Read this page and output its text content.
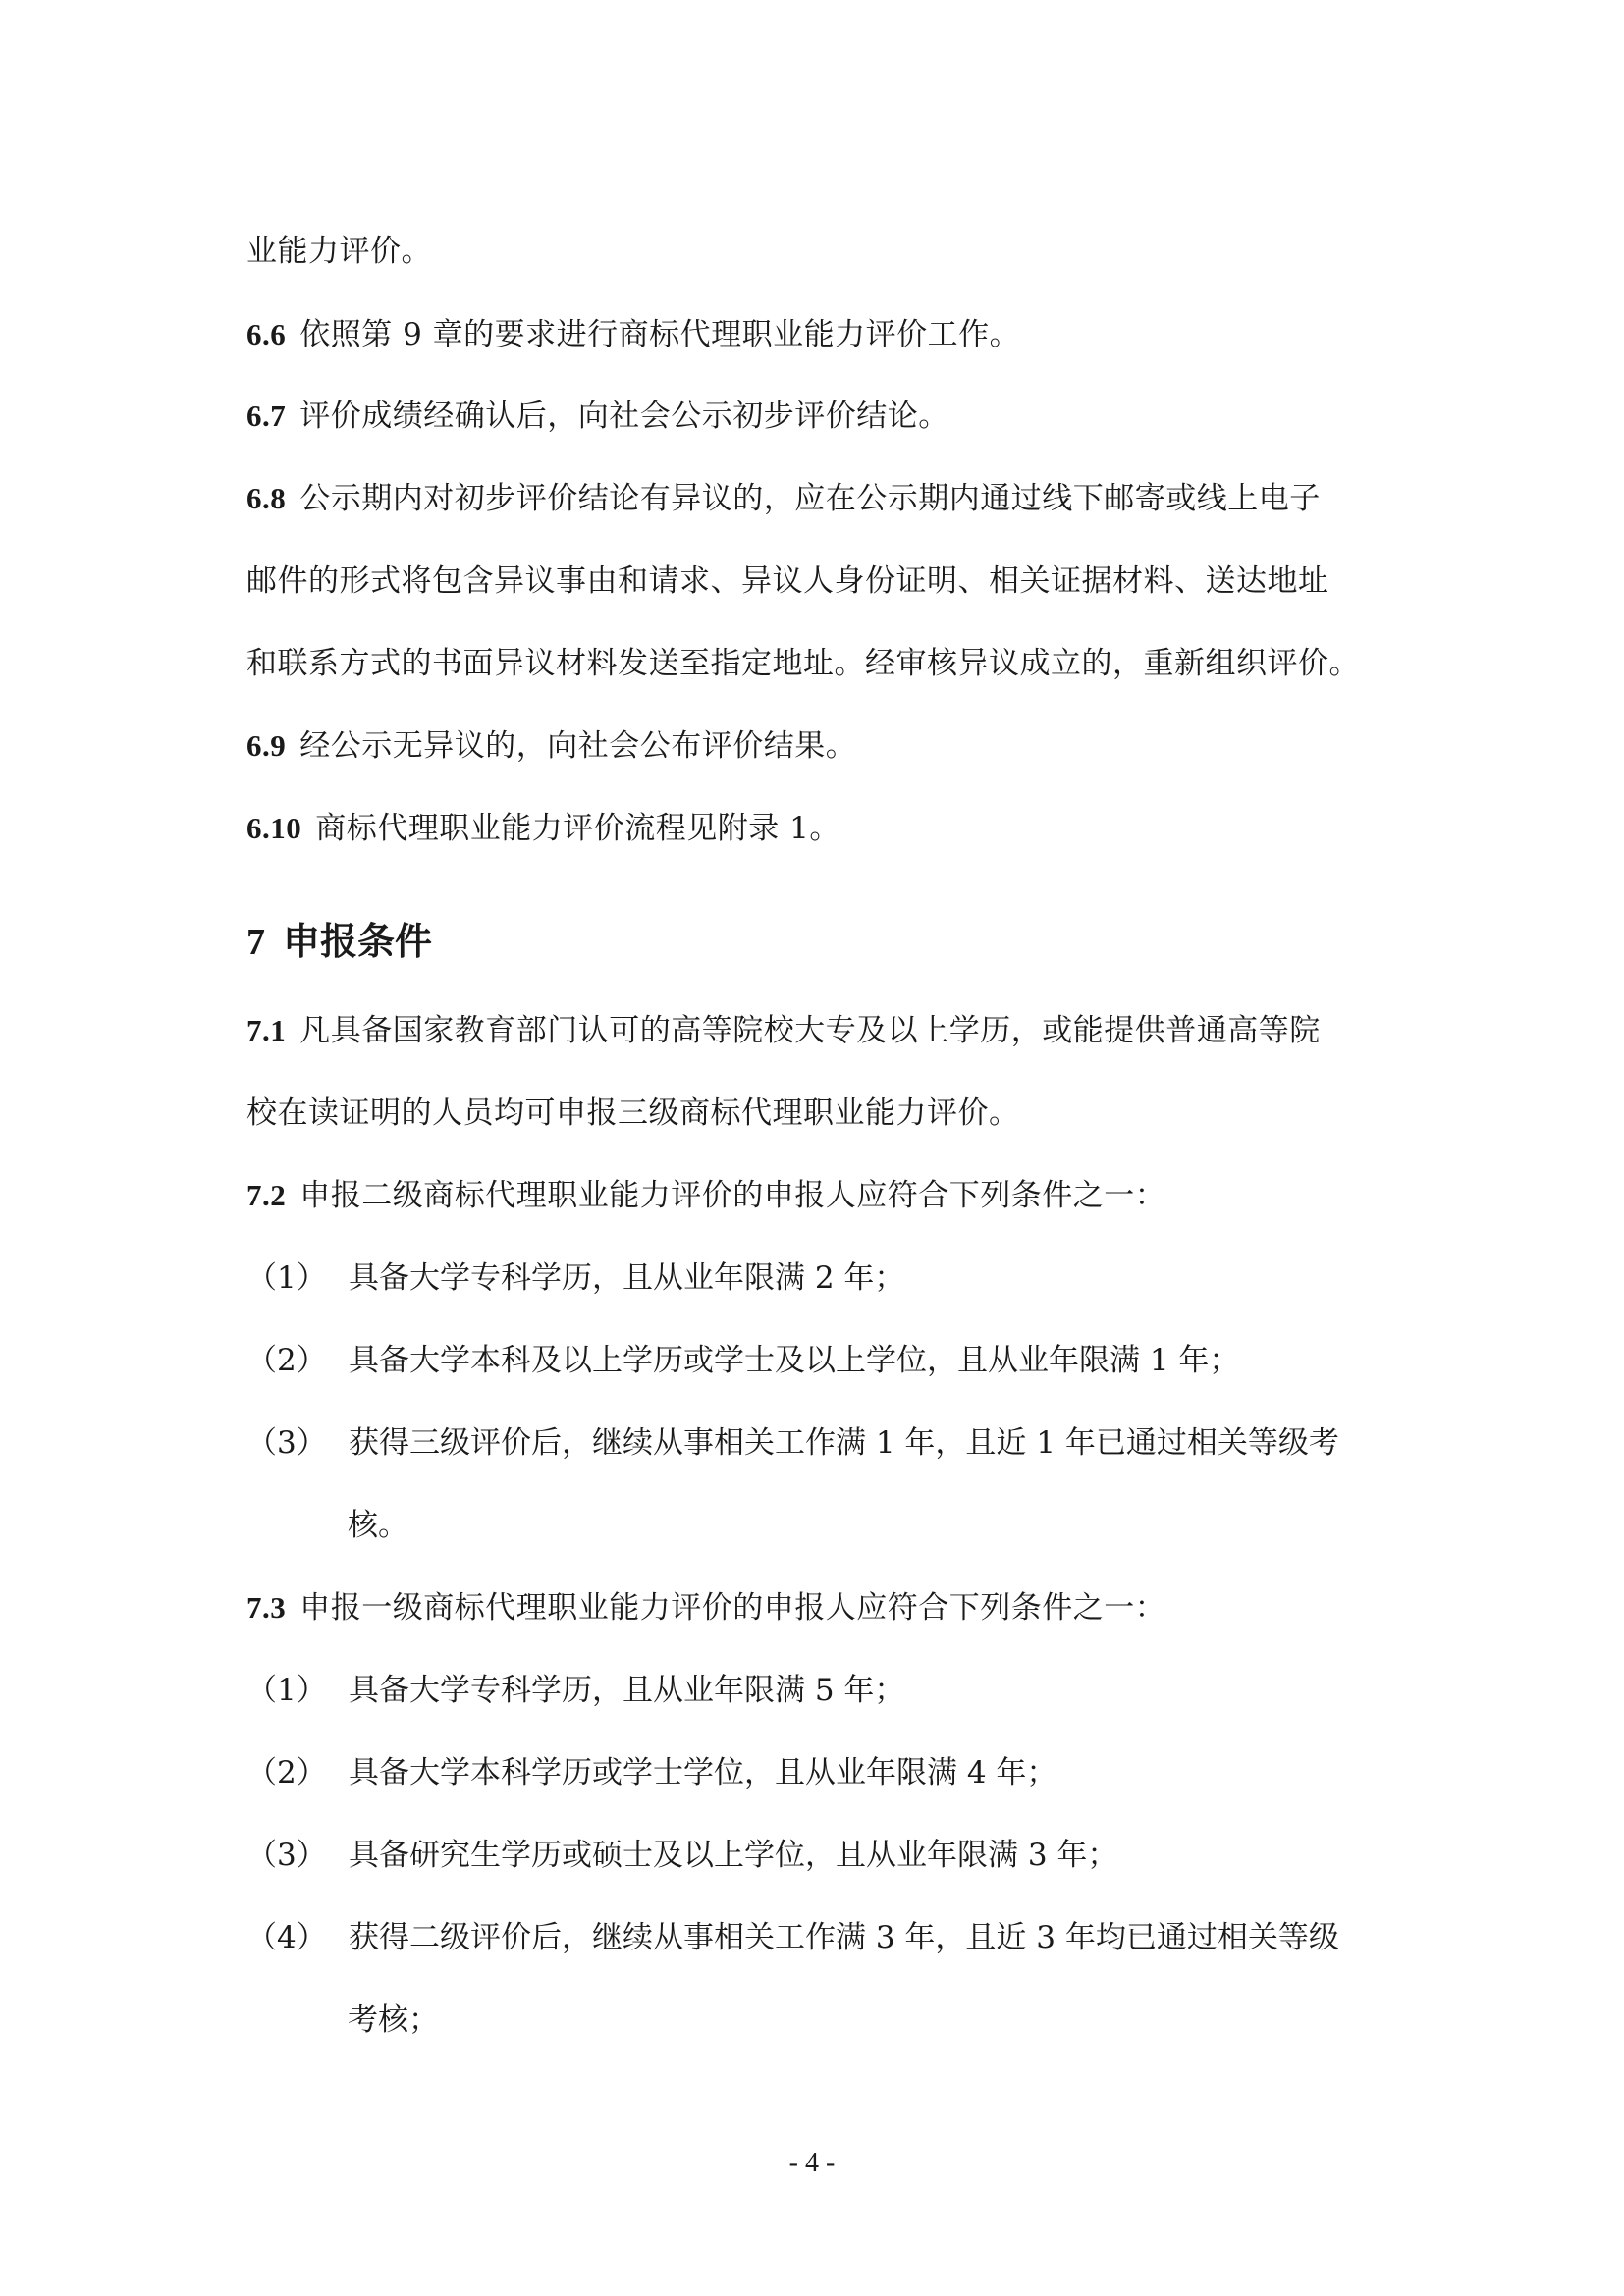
业能力评价。
6.6 依照第 9 章的要求进行商标代理职业能力评价工作。
6.7 评价成绩经确认后，向社会公示初步评价结论。
6.8 公示期内对初步评价结论有异议的，应在公示期内通过线下邮寄或线上电子
邮件的形式将包含异议事由和请求、异议人身份证明、相关证据材料、送达地址
和联系方式的书面异议材料发送至指定地址。经审核异议成立的，重新组织评价。
6.9 经公示无异议的，向社会公布评价结果。
6.10 商标代理职业能力评价流程见附录 1。
7 申报条件
7.1 凡具备国家教育部门认可的高等院校大专及以上学历，或能提供普通高等院
校在读证明的人员均可申报三级商标代理职业能力评价。
7.2 申报二级商标代理职业能力评价的申报人应符合下列条件之一：
（1） 具备大学专科学历，且从业年限满 2 年；
（2） 具备大学本科及以上学历或学士及以上学位，且从业年限满 1 年；
（3） 获得三级评价后，继续从事相关工作满 1 年，且近 1 年已通过相关等级考
核。
7.3 申报一级商标代理职业能力评价的申报人应符合下列条件之一：
（1） 具备大学专科学历，且从业年限满 5 年；
（2） 具备大学本科学历或学士学位，且从业年限满 4 年；
（3） 具备研究生学历或硕士及以上学位，且从业年限满 3 年；
（4） 获得二级评价后，继续从事相关工作满 3 年，且近 3 年均已通过相关等级
考核；
- 4 -
